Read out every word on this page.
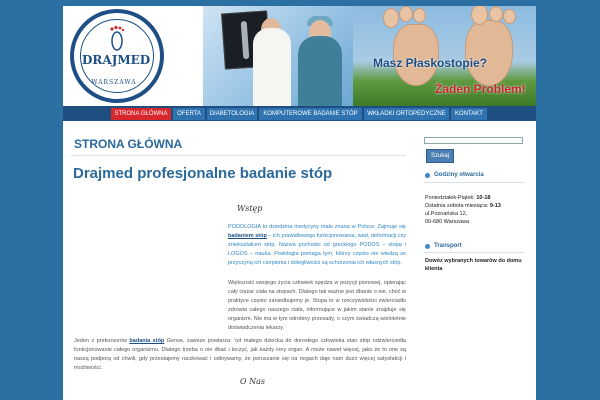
DRAJMED
WARSZAWA
Masz Płaskostopie?
Żaden Problem!
STRONA GŁÓWNA	OFERTA	DIABETOLOGIA	KOMPUTEROWE BADANIE STÓP	WKŁADKI ORTOPEDYCZNE	KONTAKT
STRONA GŁÓWNA
Drajmed profesjonalne badanie stóp
Wstęp
PODOLOGIA to dziedzina medycyny mało znana w Polsce. Zajmuje się badaniem stóp – ich prawidłowego funkcjonowania, wad, deformacji czy zniekształceń stóp. Nazwa pochodzi od greckiego PODOS – stopa i LOGOS – nauka. Podologia pomaga tym, którzy często nie wiedzą ze przyczyną ich cierpienia i dolegliwości są schorzenia ich własnych stóp.
Większość swojego życia człowiek spędza w pozycji pionowej, opierając cały ciężar ciała na stopach. Dlatego tak ważne jest dbanie o nie, choć w praktyce często zaniedbujemy je. Stopa to w rzeczywistości zwierciadło zdrowia całego naszego ciała, informujące w jakim stanie znajduje się organizm. Nie ma w tym odrobiny przesady, o czym świadczą wieloletnie doświadczenia lekarzy.
Jeden z prekursorów badania stóp Gense, zawsze powtarza: 'od małego dziecka do dorosłego człowieka stan stóp odzwierciedla funkcjonowanie całego organizmu. Dlatego trzeba o nie dbać i leczyć, jak każdy inny organ. A może nawet więcej, jako że to one są naszą podporą od chwili, gdy przestajemy raczkować i odkrywamy, że poruszanie się na nogach daje nam dużo więcej satysfakcji i możliwości.
O Nas
Szukaj
Godziny otwarcia
Poniedziałek-Piątek: 10-18
Ostatnia sobota miesiąca: 9-13
ul.Poznańska 12,
00-680 Warszawa
Transport
Dowóz wybranych towarów do domu klienta
